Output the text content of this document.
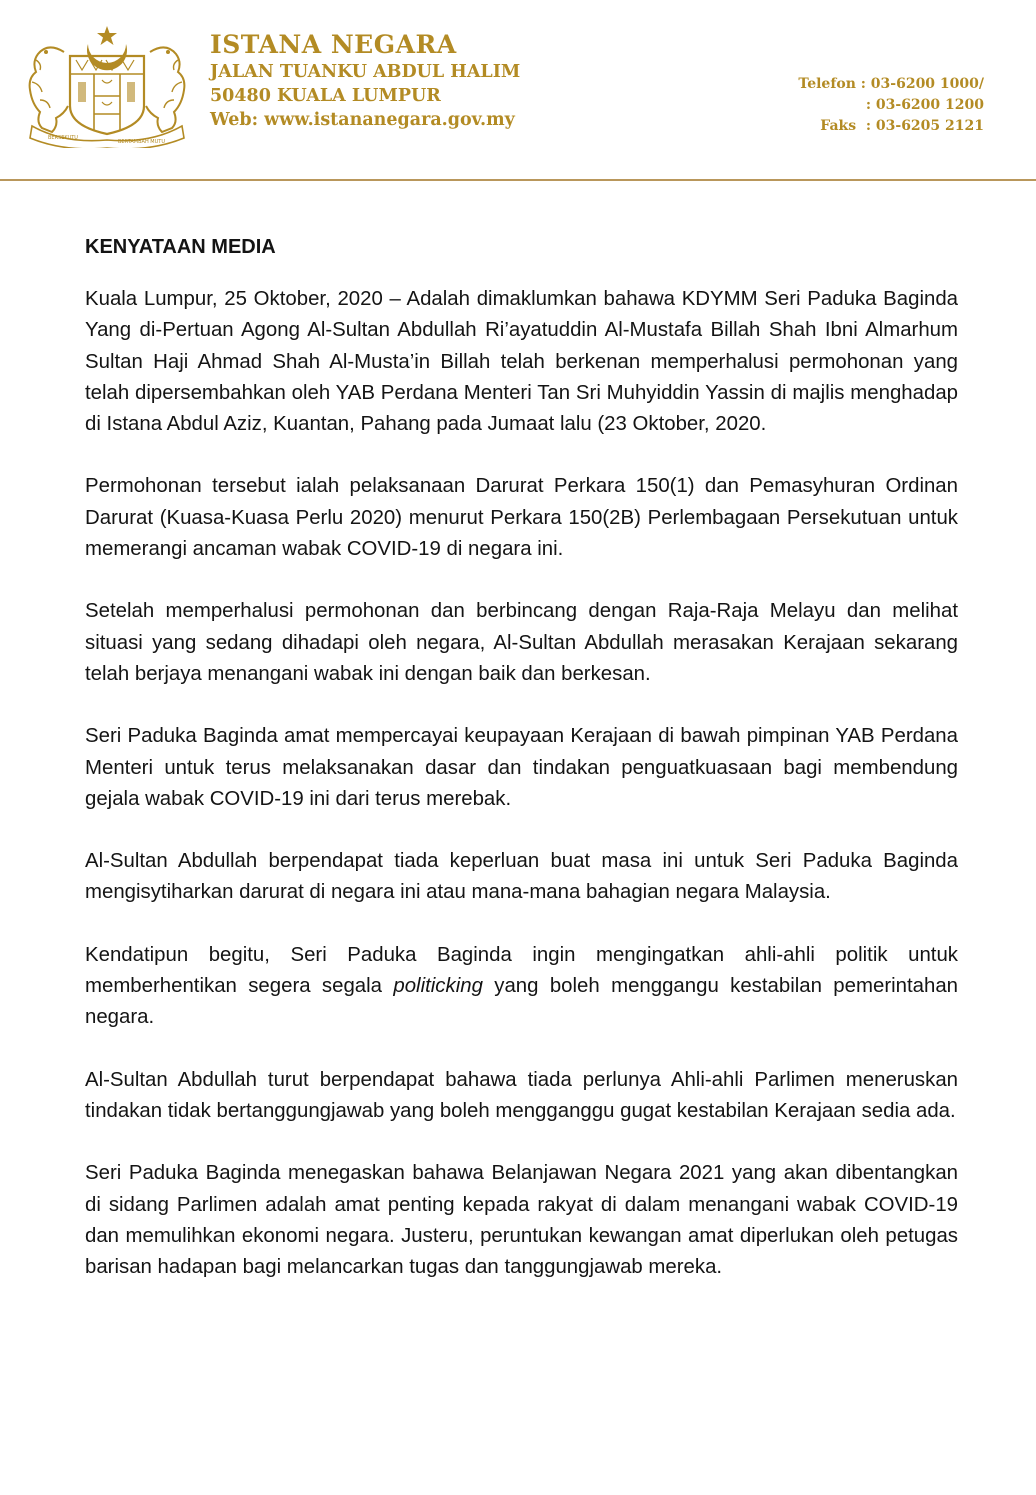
BERSEKUTU
BERTAMBAH MUTU
ISTANA NEGARA
JALAN TUANKU ABDUL HALIM
50480 KUALA LUMPUR
Web: www.istananegara.gov.my
Telefon : 03-6200 1000/
: 03-6200 1200
Faks  : 03-6205 2121
KENYATAAN MEDIA

Kuala Lumpur, 25 Oktober, 2020 – Adalah dimaklumkan bahawa KDYMM Seri Paduka Baginda Yang di-Pertuan Agong Al-Sultan Abdullah Ri’ayatuddin Al-Mustafa Billah Shah Ibni Almarhum Sultan Haji Ahmad Shah Al-Musta’in Billah telah berkenan memperhalusi permohonan yang telah dipersembahkan oleh YAB Perdana Menteri Tan Sri Muhyiddin Yassin di majlis menghadap di Istana Abdul Aziz, Kuantan, Pahang pada Jumaat lalu (23 Oktober, 2020.

Permohonan tersebut ialah pelaksanaan Darurat Perkara 150(1) dan Pemasyhuran Ordinan Darurat (Kuasa-Kuasa Perlu 2020) menurut Perkara 150(2B) Perlembagaan Persekutuan untuk memerangi ancaman wabak COVID-19 di negara ini.

Setelah memperhalusi permohonan dan berbincang dengan Raja-Raja Melayu dan melihat situasi yang sedang dihadapi oleh negara, Al-Sultan Abdullah merasakan Kerajaan sekarang telah berjaya menangani wabak ini dengan baik dan berkesan.

Seri Paduka Baginda amat mempercayai keupayaan Kerajaan di bawah pimpinan YAB Perdana Menteri untuk terus melaksanakan dasar dan tindakan penguatkuasaan bagi membendung gejala wabak COVID-19 ini dari terus merebak.

Al-Sultan Abdullah berpendapat tiada keperluan buat masa ini untuk Seri Paduka Baginda mengisytiharkan darurat di negara ini atau mana-mana bahagian negara Malaysia.

Kendatipun begitu, Seri Paduka Baginda ingin mengingatkan ahli-ahli politik untuk memberhentikan segera segala politicking yang boleh menggangu kestabilan pemerintahan negara.

Al-Sultan Abdullah turut berpendapat bahawa tiada perlunya Ahli-ahli Parlimen meneruskan tindakan tidak bertanggungjawab yang boleh mengganggu gugat kestabilan Kerajaan sedia ada.

Seri Paduka Baginda menegaskan bahawa Belanjawan Negara 2021 yang akan dibentangkan di sidang Parlimen adalah amat penting kepada rakyat di dalam menangani wabak COVID-19 dan memulihkan ekonomi negara. Justeru, peruntukan kewangan amat diperlukan oleh petugas barisan hadapan bagi melancarkan tugas dan tanggungjawab mereka.
